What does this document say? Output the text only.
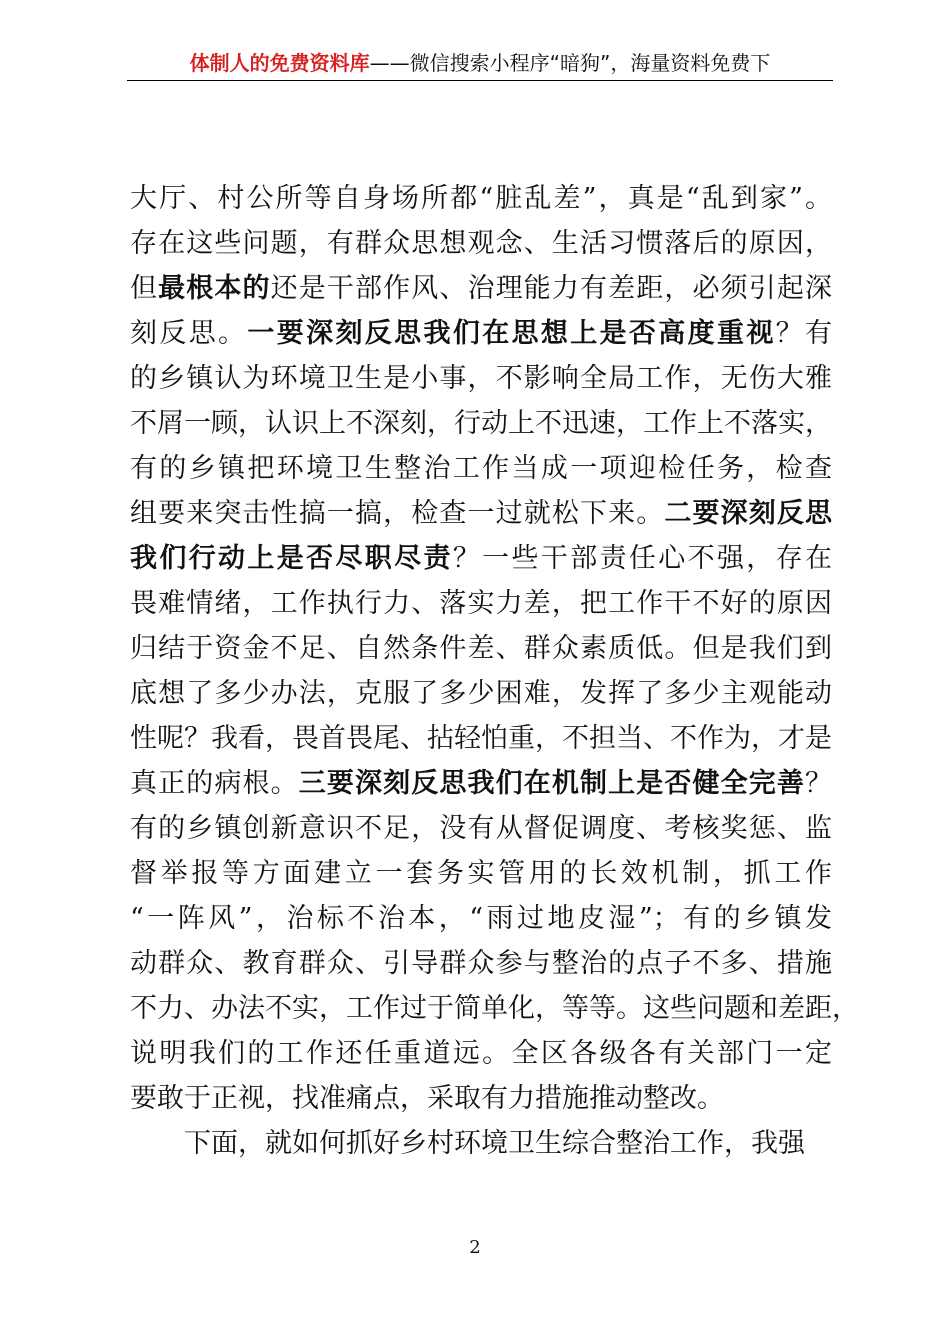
体制人的免费资料库——微信搜索小程序“暗狗”，海量资料免费下
大厅、村公所等自身场所都“脏乱差”，真是“乱到家”。
存在这些问题，有群众思想观念、生活习惯落后的原因，
但最根本的还是干部作风、治理能力有差距，必须引起深
刻反思。一要深刻反思我们在思想上是否高度重视？有
的乡镇认为环境卫生是小事，不影响全局工作，无伤大雅
不屑一顾，认识上不深刻，行动上不迅速，工作上不落实，
有的乡镇把环境卫生整治工作当成一项迎检任务，检查
组要来突击性搞一搞，检查一过就松下来。二要深刻反思
我们行动上是否尽职尽责？一些干部责任心不强，存在
畏难情绪，工作执行力、落实力差，把工作干不好的原因
归结于资金不足、自然条件差、群众素质低。但是我们到
底想了多少办法，克服了多少困难，发挥了多少主观能动
性呢？我看，畏首畏尾、拈轻怕重，不担当、不作为，才是
真正的病根。三要深刻反思我们在机制上是否健全完善？
有的乡镇创新意识不足，没有从督促调度、考核奖惩、监
督举报等方面建立一套务实管用的长效机制，抓工作
“一阵风”，治标不治本，“雨过地皮湿”；有的乡镇发
动群众、教育群众、引导群众参与整治的点子不多、措施
不力、办法不实，工作过于简单化，等等。这些问题和差距，
说明我们的工作还任重道远。全区各级各有关部门一定
要敢于正视，找准痛点，采取有力措施推动整改。
下面，就如何抓好乡村环境卫生综合整治工作，我强
2
